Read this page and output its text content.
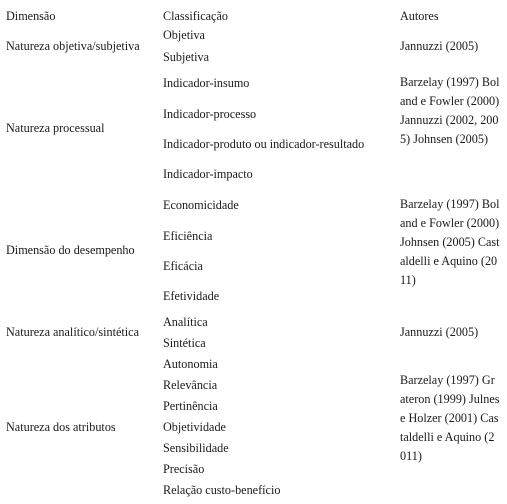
Dimensão	Classificação	Autores
Natureza objetiva/subjetiva
Objetiva
Subjetiva
Jannuzzi (2005)
Natureza processual
Indicador-insumo
Indicador-processo
Indicador-produto ou indicador-resultado
Indicador-impacto
Barzelay (1997) Boland e Fowler (2000) Jannuzzi (2002, 2005) Johnsen (2005)
Dimensão do desempenho
Economicidade
Eficiência
Eficácia
Efetividade
Barzelay (1997) Boland e Fowler (2000) Johnsen (2005) Castaldelli e Aquino (2011)
Natureza analítico/sintética
Analítica
Sintética
Jannuzzi (2005)
Natureza dos atributos
Autonomia
Relevância
Pertinência
Objetividade
Sensibilidade
Precisão
Relação custo-benefício
Barzelay (1997) Grateron (1999) Julnes e Holzer (2001) Castaldelli e Aquino (2011)
